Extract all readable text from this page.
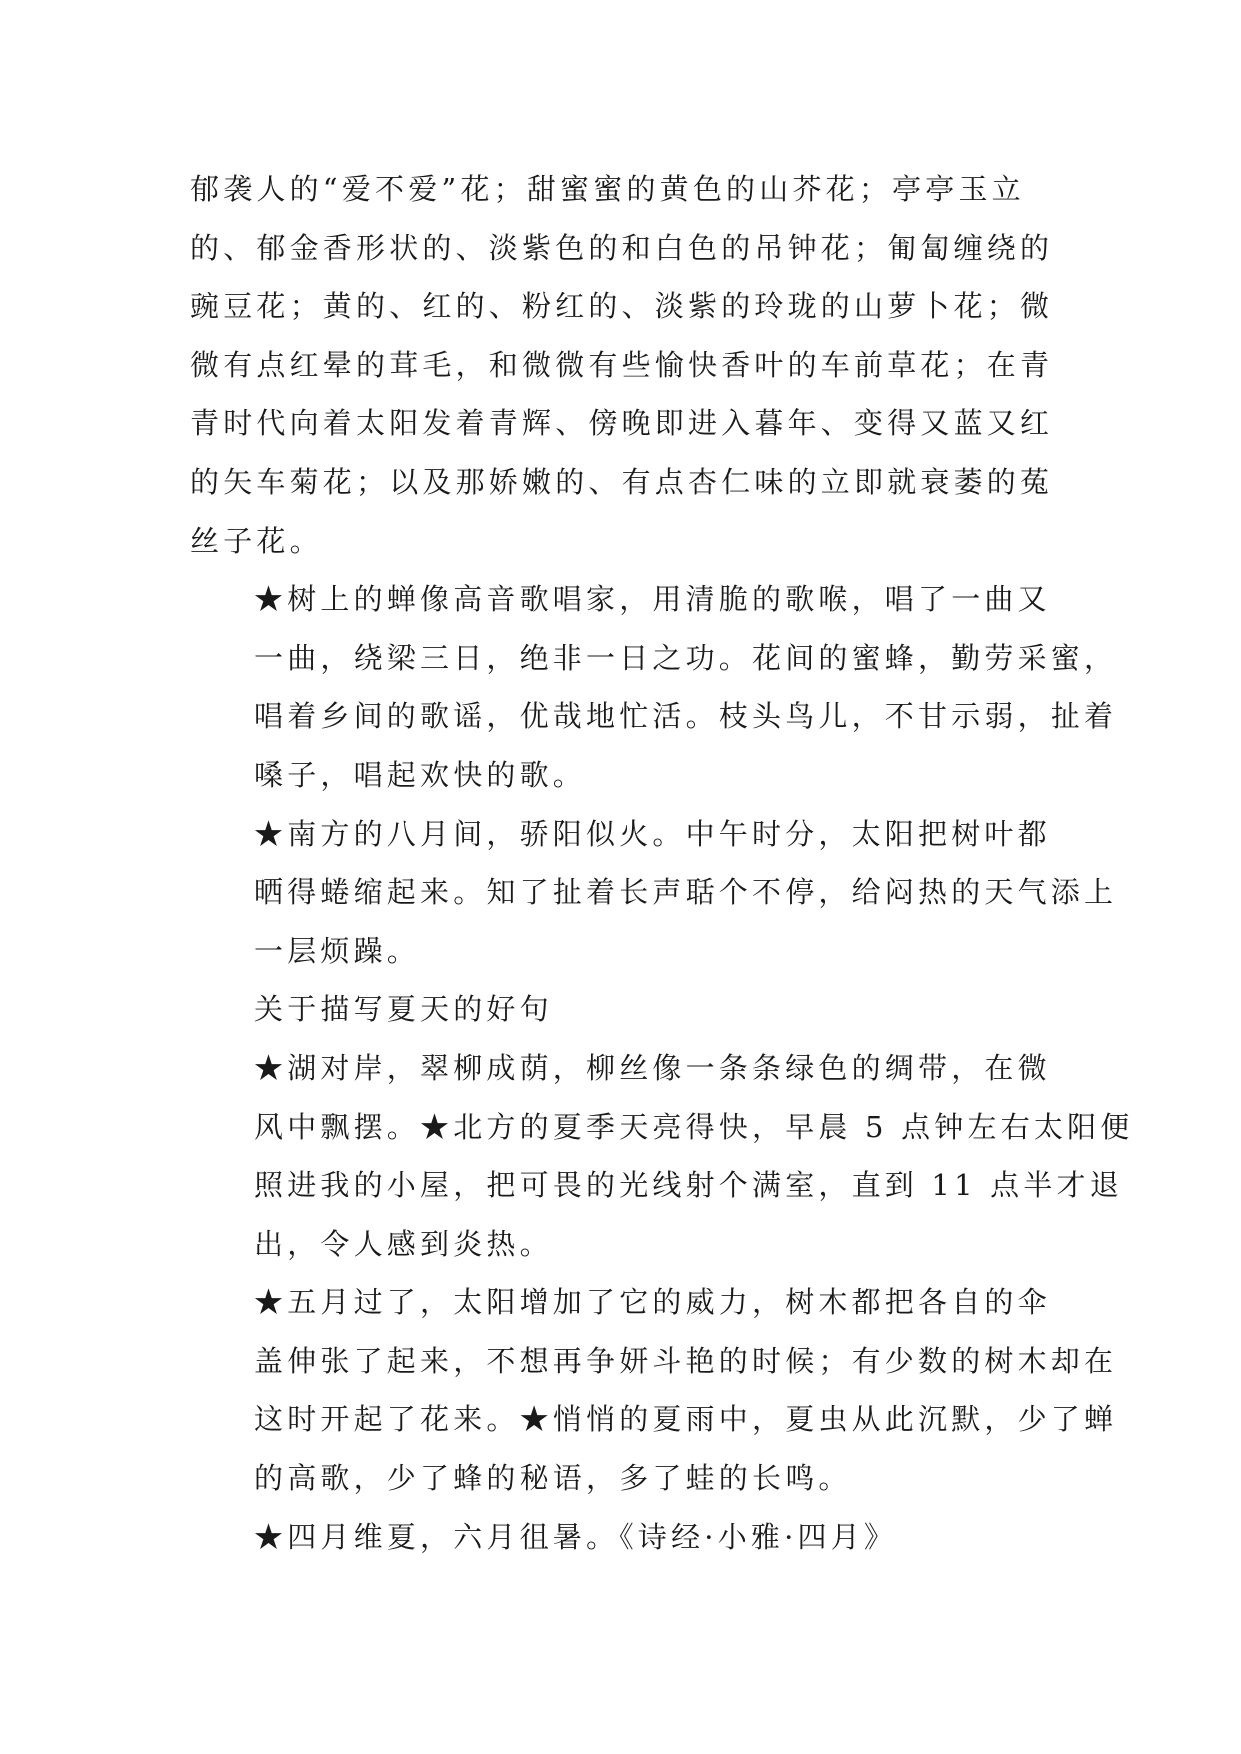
郁袭人的“爱不爱”花；甜蜜蜜的黄色的山芥花；亭亭玉立
的、郁金香形状的、淡紫色的和白色的吊钟花；匍匐缠绕的
豌豆花；黄的、红的、粉红的、淡紫的玲珑的山萝卜花；微
微有点红晕的茸毛，和微微有些愉快香叶的车前草花；在青
青时代向着太阳发着青辉、傍晚即进入暮年、变得又蓝又红
的矢车菊花；以及那娇嫩的、有点杏仁味的立即就衰萎的菟
丝子花。

★树上的蝉像高音歌唱家，用清脆的歌喉，唱了一曲又
一曲，绕梁三日，绝非一日之功。花间的蜜蜂，勤劳采蜜，
唱着乡间的歌谣，优哉地忙活。枝头鸟儿，不甘示弱，扯着
嗓子，唱起欢快的歌。

★南方的八月间，骄阳似火。中午时分，太阳把树叶都
晒得蜷缩起来。知了扯着长声聒个不停，给闷热的天气添上
一层烦躁。

关于描写夏天的好句

★湖对岸，翠柳成荫，柳丝像一条条绿色的绸带，在微
风中飘摆。★北方的夏季天亮得快，早晨 5 点钟左右太阳便
照进我的小屋，把可畏的光线射个满室，直到 11 点半才退
出，令人感到炎热。

★五月过了，太阳增加了它的威力，树木都把各自的伞
盖伸张了起来，不想再争妍斗艳的时候；有少数的树木却在
这时开起了花来。★悄悄的夏雨中，夏虫从此沉默，少了蝉
的高歌，少了蜂的秘语，多了蛙的长鸣。

★四月维夏，六月徂暑。《诗经·小雅·四月》
